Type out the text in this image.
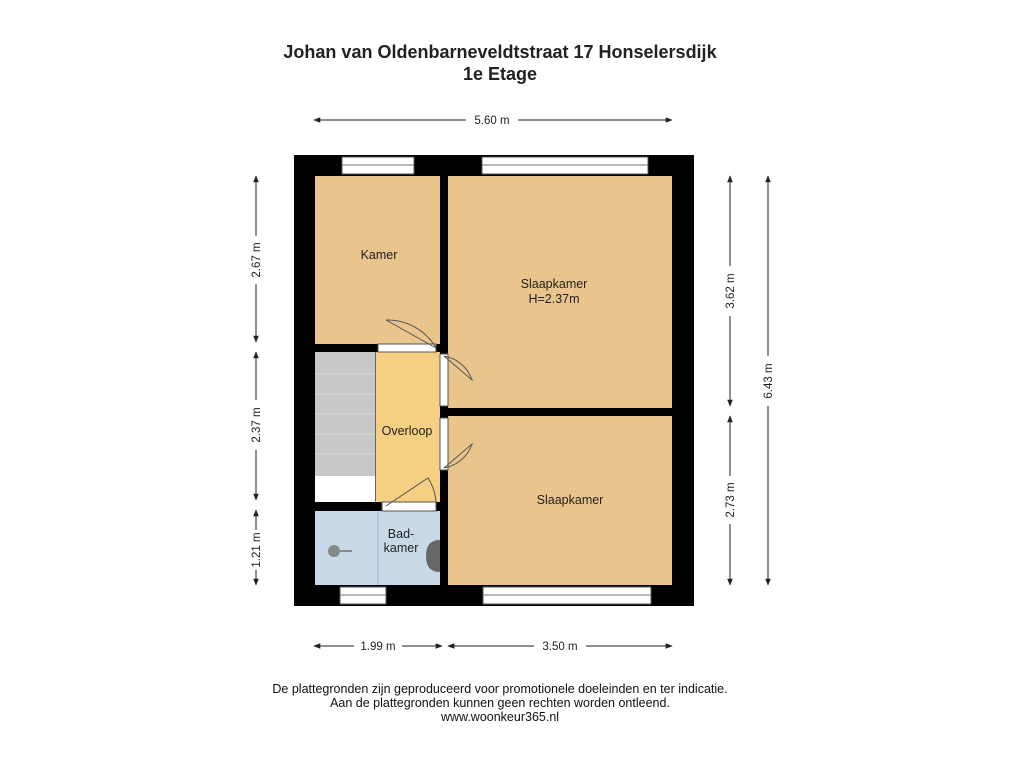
Johan van Oldenbarneveldtstraat 17 Honselersdijk
1e Etage
Kamer
Slaapkamer
H=2.37m
Overloop
Bad-
kamer
Slaapkamer
5.60 m
2.67 m
2.37 m
1.21 m
3.62 m
2.73 m
6.43 m
1.99 m	3.50 m
De plattegronden zijn geproduceerd voor promotionele doeleinden en ter indicatie.
Aan de plattegronden kunnen geen rechten worden ontleend.
www.woonkeur365.nl
